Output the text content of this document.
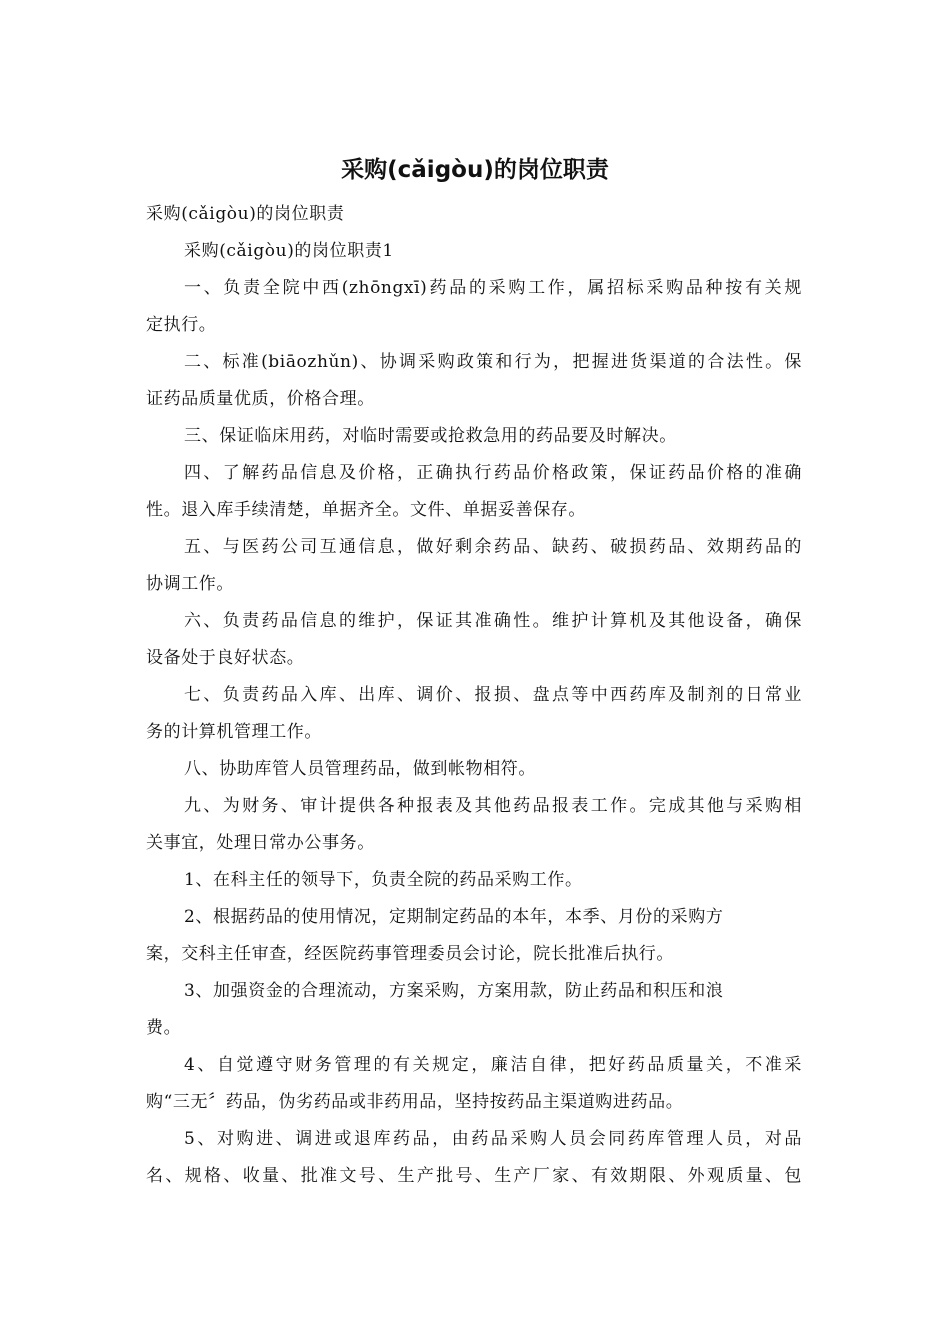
采购(cǎigòu)的岗位职责
采购(cǎigòu)的岗位职责
采购(cǎigòu)的岗位职责1
一、负责全院中西(zhōngxī)药品的采购工作，属招标采购品种按有关规
定执行。
二、标准(biāozhǔn)、协调采购政策和行为，把握进货渠道的合法性。保
证药品质量优质，价格合理。
三、保证临床用药，对临时需要或抢救急用的药品要及时解决。
四、了解药品信息及价格，正确执行药品价格政策，保证药品价格的准确
性。退入库手续清楚，单据齐全。文件、单据妥善保存。
五、与医药公司互通信息，做好剩余药品、缺药、破损药品、效期药品的
协调工作。
六、负责药品信息的维护，保证其准确性。维护计算机及其他设备，确保
设备处于良好状态。
七、负责药品入库、出库、调价、报损、盘点等中西药库及制剂的日常业
务的计算机管理工作。
八、协助库管人员管理药品，做到帐物相符。
九、为财务、审计提供各种报表及其他药品报表工作。完成其他与采购相
关事宜，处理日常办公事务。
1、在科主任的领导下，负责全院的药品采购工作。
2、根据药品的使用情况，定期制定药品的本年，本季、月份的采购方
案，交科主任审查，经医院药事管理委员会讨论，院长批准后执行。
3、加强资金的合理流动，方案采购，方案用款，防止药品和积压和浪
费。
4、自觉遵守财务管理的有关规定，廉洁自律，把好药品质量关，不准采
购“三无〞药品，伪劣药品或非药用品，坚持按药品主渠道购进药品。
5、对购进、调进或退库药品，由药品采购人员会同药库管理人员，对品
名、规格、收量、批准文号、生产批号、生产厂家、有效期限、外观质量、包
